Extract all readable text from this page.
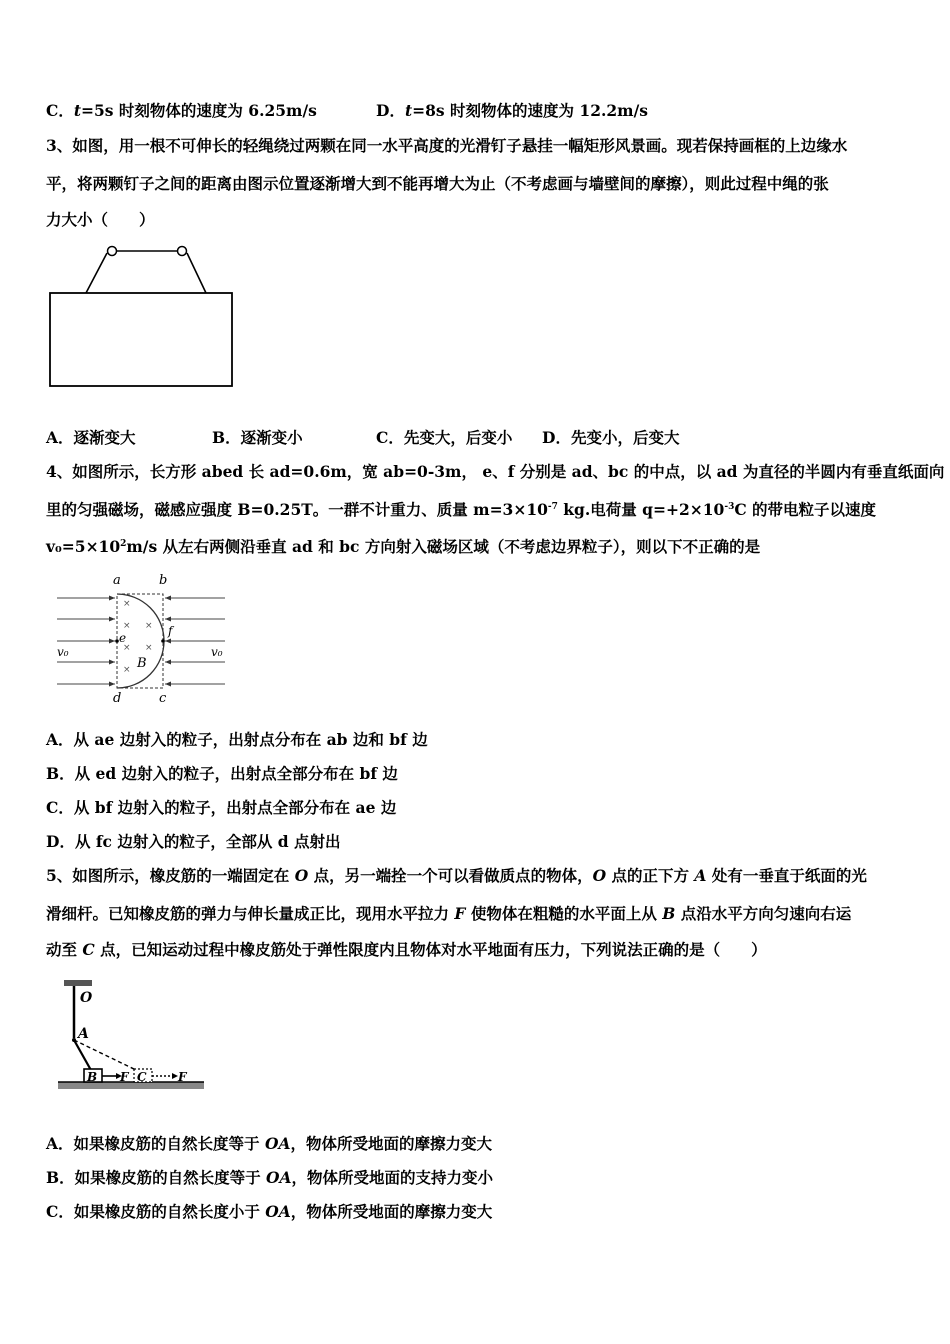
C．t=5s 时刻物体的速度为 6.25m/s	D．t=8s 时刻物体的速度为 12.2m/s
3、如图，用一根不可伸长的轻绳绕过两颗在同一水平高度的光滑钉子悬挂一幅矩形风景画。现若保持画框的上边缘水
平，将两颗钉子之间的距离由图示位置逐渐增大到不能再增大为止（不考虑画与墙壁间的摩擦），则此过程中绳的张
力大小（　　）
A．逐渐变大	B．逐渐变小	C．先变大，后变小 D．先变小，后变大
4、如图所示，长方形 abed 长 ad=0.6m，宽 ab=0-3m， e、f 分别是 ad、bc 的中点，以 ad 为直径的半圆内有垂直纸面向
里的匀强磁场，磁感应强度 B=0.25T。一群不计重力、质量 $m=3\times 10^{-7}$ kg.电荷量 $q=+2\times 10^{-3}C$ 的带电粒子以速度
$v_0=5\times 10^2m/s$ 从左右两侧沿垂直 ad 和 bc 方向射入磁场区域（不考虑边界粒子），则以下不正确的是
a	b
d	c
e	f
B
v₀	v₀
×
× ×
× ×
×
A．从 ae 边射入的粒子，出射点分布在 ab 边和 bf 边
B．从 ed 边射入的粒子，出射点全部分布在 bf 边
C．从 bf 边射入的粒子，出射点全部分布在 ae 边
D．从 fc 边射入的粒子，全部从 d 点射出
5、如图所示，橡皮筋的一端固定在 O 点，另一端拴一个可以看做质点的物体，O 点的正下方 A 处有一垂直于纸面的光
滑细杆。已知橡皮筋的弹力与伸长量成正比，现用水平拉力 F 使物体在粗糙的水平面上从 B 点沿水平方向匀速向右运
动至 C 点，已知运动过程中橡皮筋处于弹性限度内且物体对水平地面有压力，下列说法正确的是（　　）
O
A
B F C	F
A．如果橡皮筋的自然长度等于 OA，物体所受地面的摩擦力变大
B．如果橡皮筋的自然长度等于 OA，物体所受地面的支持力变小
C．如果橡皮筋的自然长度小于 OA，物体所受地面的摩擦力变大
